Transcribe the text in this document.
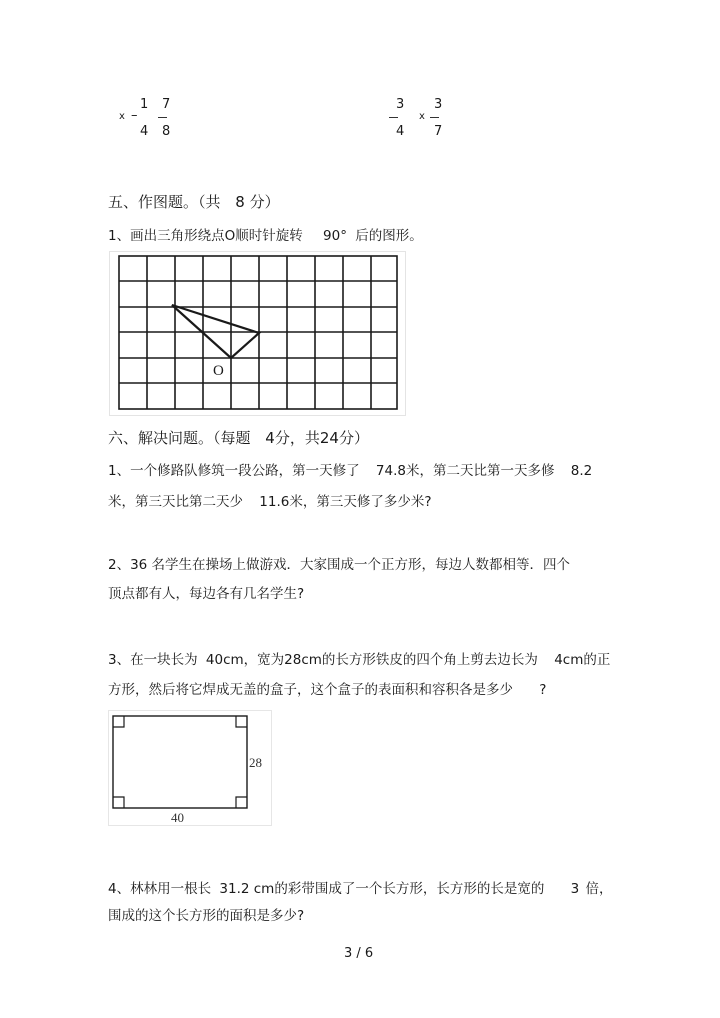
x –
1
4
7
8
3
4
x
3
7
五、作图题。（共 8 分）
1、画出三角形绕点O顺时针旋转 90° 后的图形。
O
六、解决问题。（每题 4分，共24分）
1、一个修路队修筑一段公路，第一天修了 74.8米，第二天比第一天多修 8.2
米，第三天比第二天少 11.6米，第三天修了多少米?
2、36 名学生在操场上做游戏．大家围成一个正方形，每边人数都相等．四个
顶点都有人，每边各有几名学生?
3、在一块长为 40cm，宽为28cm的长方形铁皮的四个角上剪去边长为 4cm的正
方形，然后将它焊成无盖的盒子，这个盒子的表面积和容积各是多少 ?
28
40
4、林林用一根长 31.2 cm的彩带围成了一个长方形，长方形的长是宽的 3 倍，
围成的这个长方形的面积是多少?
3 / 6
